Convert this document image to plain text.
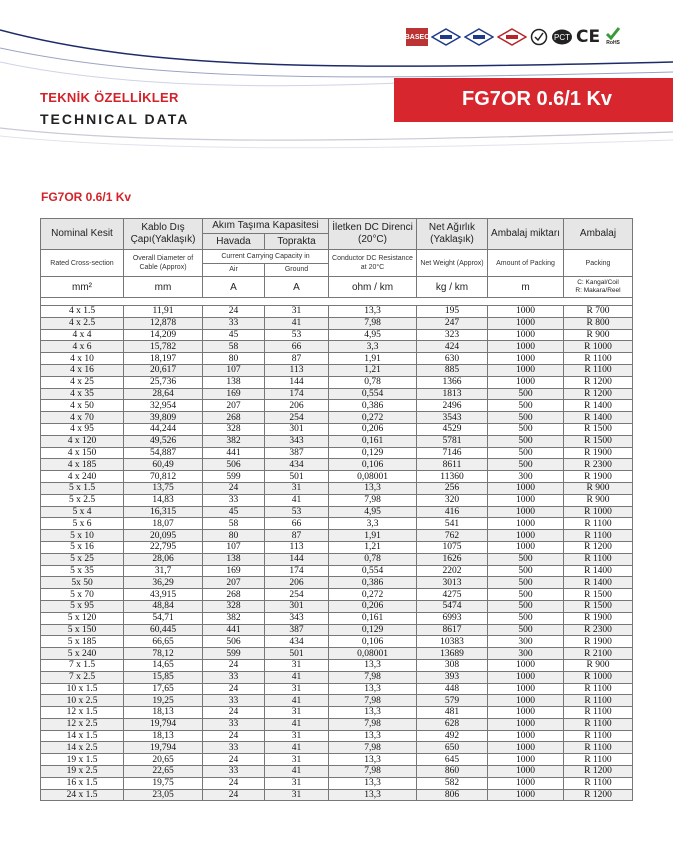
BASEC	PCT CE RoHS
TEKNİK ÖZELLİKLER
TECHNICAL DATA
FG7OR 0.6/1 Kv
FG7OR 0.6/1 Kv
Nominal Kesit	Kablo Dış Çapı(Yaklaşık)	Akım Taşıma Kapasitesi		İletken DC Direnci (20°C)	Net Ağırlık (Yaklaşık)	Ambalaj miktarı	Ambalaj
		Havada	Toprakta				
Rated Cross-section	Overall Diameter of Cable (Approx)	Current Carrying Capacity in		Conductor DC Resistance at 20°C	Net Weight (Approx)	Amount of Packing	Packing
		Air	Ground				
mm²	mm	A	A	ohm / km	kg / km	m	C: Kangal/Coil
R: Makara/Reel

4 x 1.5	11,91	24	31	13,3	195	1000	R 700
4 x 2.5	12,878	33	41	7,98	247	1000	R 800
4 x 4	14,209	45	53	4,95	323	1000	R 900
4 x 6	15,782	58	66	3,3	424	1000	R 1000
4 x 10	18,197	80	87	1,91	630	1000	R 1100
4 x 16	20,617	107	113	1,21	885	1000	R 1100
4 x 25	25,736	138	144	0,78	1366	1000	R 1200
4 x 35	28,64	169	174	0,554	1813	500	R 1200
4 x 50	32,954	207	206	0,386	2496	500	R 1400
4 x 70	39,809	268	254	0,272	3543	500	R 1400
4 x 95	44,244	328	301	0,206	4529	500	R 1500
4 x 120	49,526	382	343	0,161	5781	500	R 1500
4 x 150	54,887	441	387	0,129	7146	500	R 1900
4 x 185	60,49	506	434	0,106	8611	500	R 2300
4 x 240	70,812	599	501	0,08001	11360	300	R 1900
5 x 1.5	13,75	24	31	13,3	256	1000	R 900
5 x 2.5	14,83	33	41	7,98	320	1000	R 900
5 x 4	16,315	45	53	4,95	416	1000	R 1000
5 x 6	18,07	58	66	3,3	541	1000	R 1100
5 x 10	20,095	80	87	1,91	762	1000	R 1100
5 x 16	22,795	107	113	1,21	1075	1000	R 1200
5 x 25	28,06	138	144	0,78	1626	500	R 1100
5 x 35	31,7	169	174	0,554	2202	500	R 1400
5x 50	36,29	207	206	0,386	3013	500	R 1400
5 x 70	43,915	268	254	0,272	4275	500	R 1500
5 x 95	48,84	328	301	0,206	5474	500	R 1500
5 x 120	54,71	382	343	0,161	6993	500	R 1900
5 x 150	60,445	441	387	0,129	8617	500	R 2300
5 x 185	66,65	506	434	0,106	10383	300	R 1900
5 x 240	78,12	599	501	0,08001	13689	300	R 2100
7 x 1.5	14,65	24	31	13,3	308	1000	R 900
7 x 2.5	15,85	33	41	7,98	393	1000	R 1000
10 x 1.5	17,65	24	31	13,3	448	1000	R 1100
10 x 2.5	19,25	33	41	7,98	579	1000	R 1100
12 x 1.5	18,13	24	31	13,3	481	1000	R 1100
12 x 2.5	19,794	33	41	7,98	628	1000	R 1100
14 x 1.5	18,13	24	31	13,3	492	1000	R 1100
14 x 2.5	19,794	33	41	7,98	650	1000	R 1100
19 x 1.5	20,65	24	31	13,3	645	1000	R 1100
19 x 2.5	22,65	33	41	7,98	860	1000	R 1200
16 x 1.5	19,75	24	31	13,3	582	1000	R 1100
24 x 1.5	23,05	24	31	13,3	806	1000	R 1200
